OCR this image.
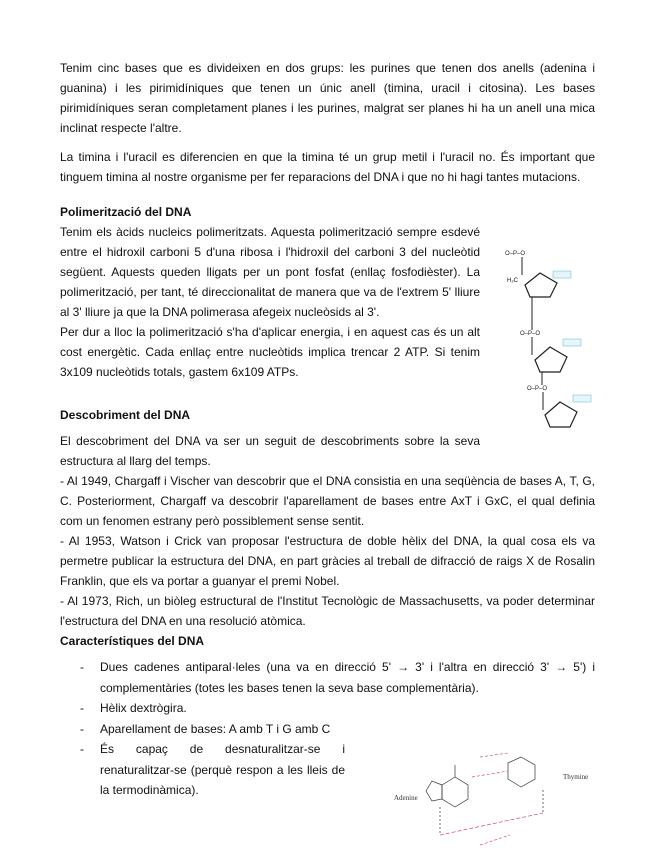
Tenim cinc bases que es divideixen en dos grups: les purines que tenen dos anells (adenina i guanina) i les pirimidíniques que tenen un únic anell (timina, uracil i citosina). Les bases pirimidíniques seran completament planes i les purines, malgrat ser planes hi ha un anell una mica inclinat respecte l'altre.

La timina i l'uracil es diferencien en que la timina té un grup metil i l'uracil no. És important que tinguem timina al nostre organisme per fer reparacions del DNA i que no hi hagi tantes mutacions.

Polimerització del DNA

Tenim els àcids nucleics polimeritzats. Aquesta polimerització sempre esdevé entre el hidroxil carboni 5 d'una ribosa i l'hidroxil del carboni 3 del nucleòtid següent. Aquests queden lligats per un pont fosfat (enllaç fosfodièster). La polimerització, per tant, té direccionalitat de manera que va de l'extrem 5' lliure al 3' lliure ja que la DNA polimerasa afegeix nucleòsids al 3'.

Per dur a lloc la polimerització s'ha d'aplicar energia, i en aquest cas és un alt cost energètic. Cada enllaç entre nucleòtids implica trencar 2 ATP. Si tenim 3x109 nucleòtids totals, gastem 6x109 ATPs.

O–P–O
H₂C
O–P–O
O–P–O
Descobriment del DNA

El descobriment del DNA va ser un seguit de descobriments sobre la seva estructura al llarg del temps.

- Al 1949, Chargaff i Vischer van descobrir que el DNA consistia en una seqüència de bases A, T, G, C. Posteriorment, Chargaff va descobrir l'aparellament de bases entre AxT i GxC, el qual definia com un fenomen estrany però possiblement sense sentit.

- Al 1953, Watson i Crick van proposar l'estructura de doble hèlix del DNA, la qual cosa els va permetre publicar la estructura del DNA, en part gràcies al treball de difracció de raigs X de Rosalin Franklin, que els va portar a guanyar el premi Nobel.

- Al 1973, Rich, un biòleg estructural de l'Institut Tecnològic de Massachusetts, va poder determinar l'estructura del DNA en una resolució atòmica.

Característiques del DNA
- Dues cadenes antiparal·leles (una va en direcció 5' → 3' i l'altra en direcció 3' → 5') i complementàries (totes les bases tenen la seva base complementària).
- Hèlix dextrògira.
- Aparellament de bases: A amb T i G amb C
- És capaç de desnaturalitzar-se i renaturalitzar-se (perquè respon a les lleis de la termodinàmica).
Adenine
Thymine
